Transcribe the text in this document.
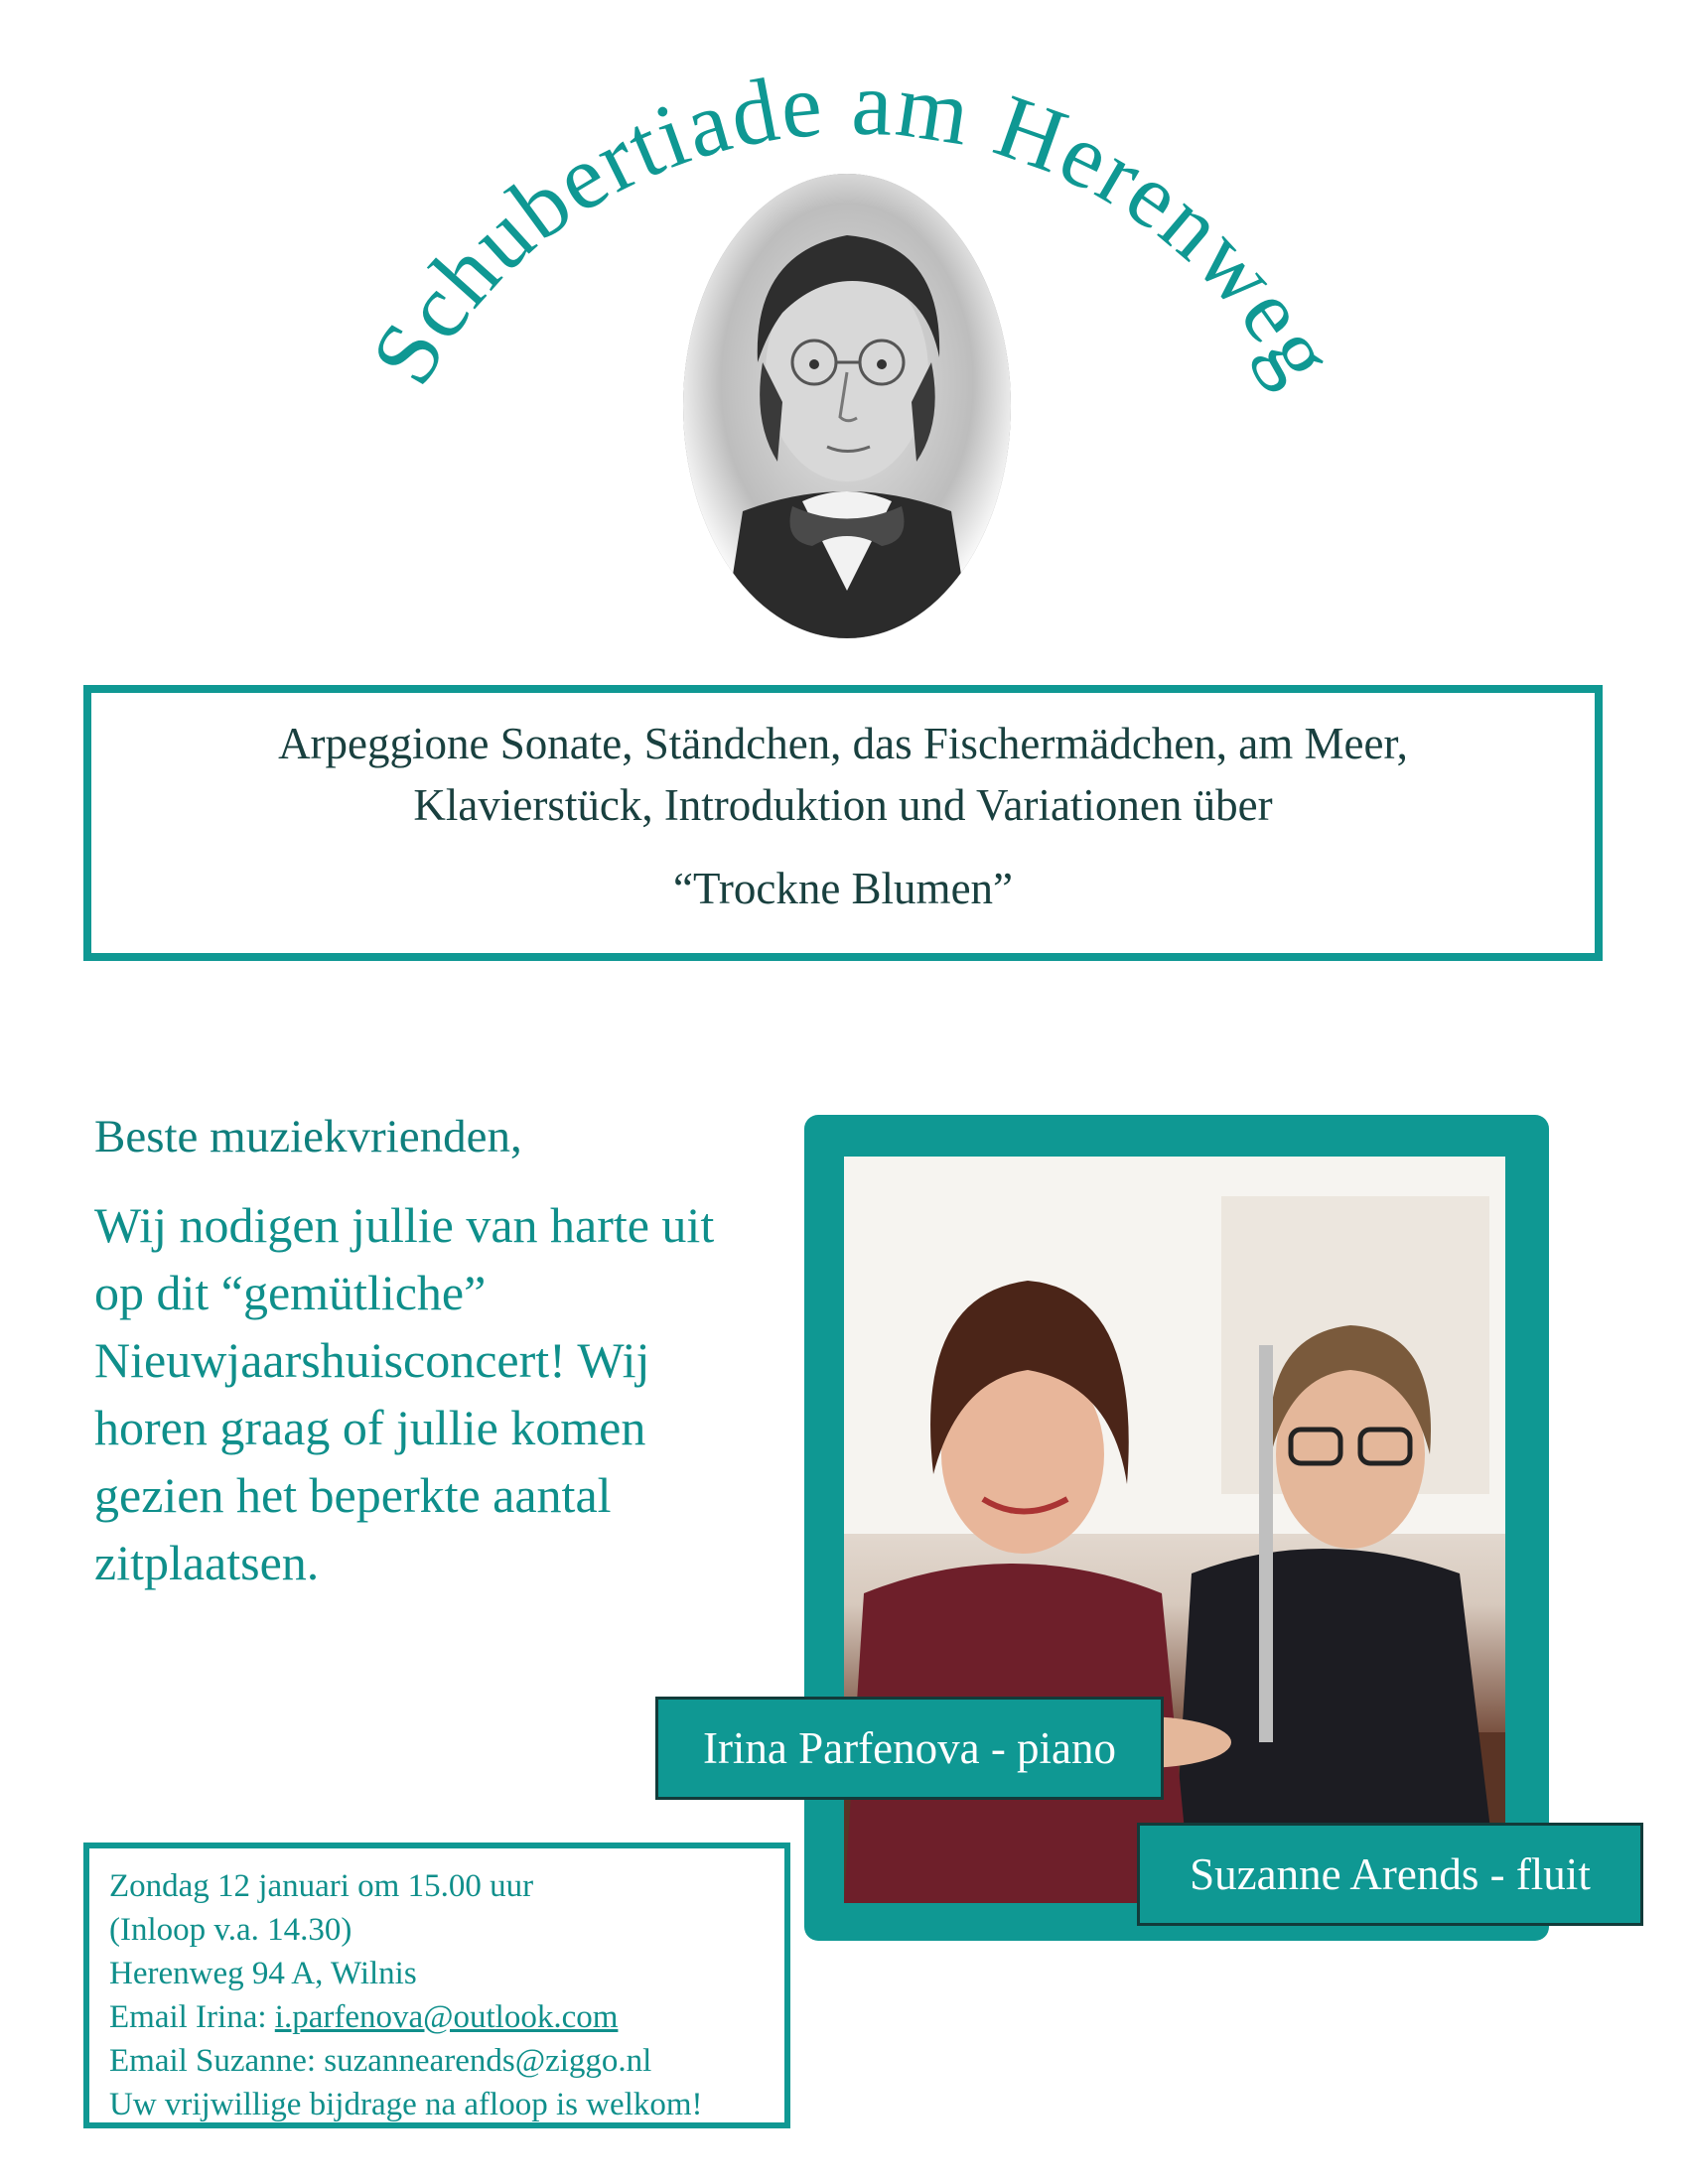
Schubertiade am Herenweg
Arpeggione Sonate, Ständchen, das Fischermädchen, am Meer,
Klavierstück, Introduktion und Variationen über
“Trockne Blumen”
Beste muziekvrienden,
Wij nodigen jullie van harte uit op dit “gemütliche” Nieuwjaarshuisconcert! Wij horen graag of jullie komen gezien het beperkte aantal zitplaatsen.
Irina Parfenova - piano
Suzanne Arends - fluit
Zondag 12 januari om 15.00 uur
(Inloop v.a. 14.30)
Herenweg 94 A, Wilnis
Email Irina: i.parfenova@outlook.com
Email Suzanne: suzannearends@ziggo.nl
Uw vrijwillige bijdrage na afloop is welkom!
